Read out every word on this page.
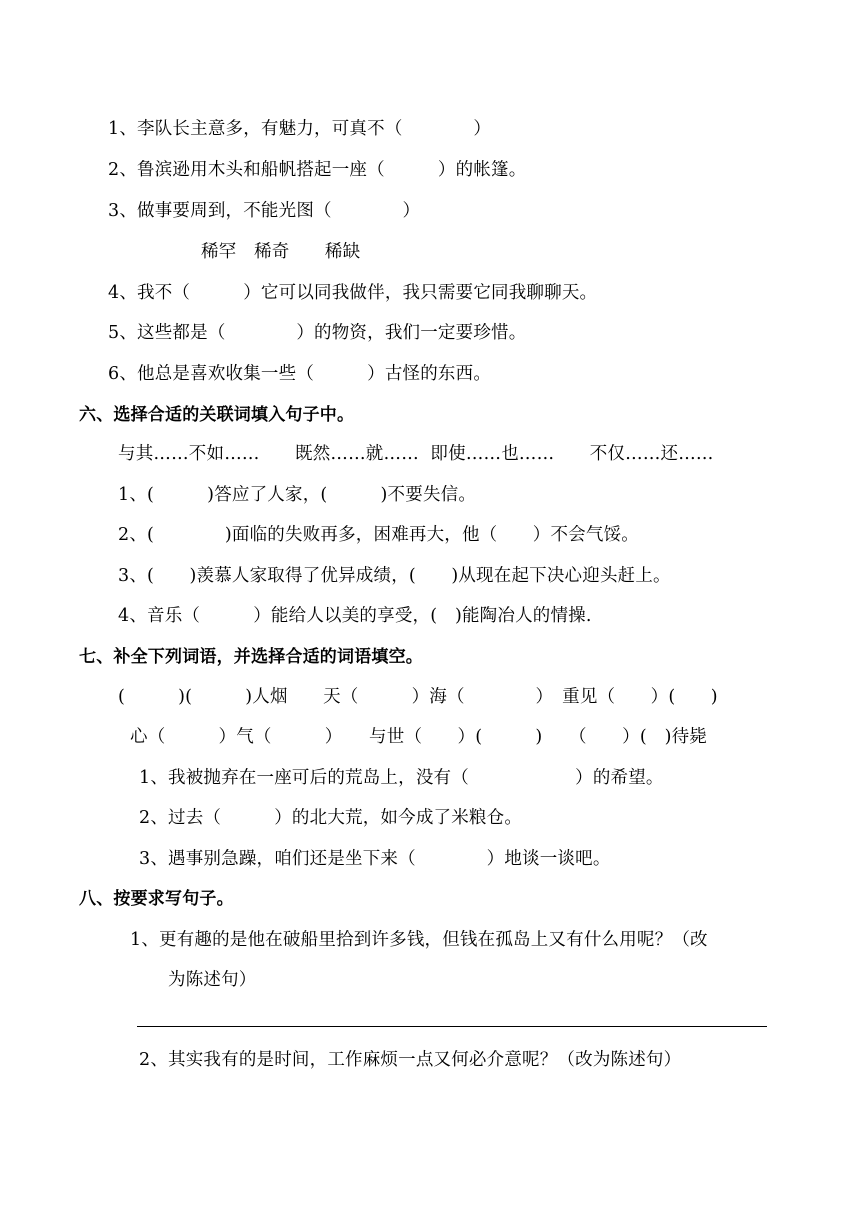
1、李队长主意多，有魅力，可真不（　　　　）
2、鲁滨逊用木头和船帆搭起一座（　　　）的帐篷。
3、做事要周到，不能光图（　　　　）
稀罕　稀奇　　稀缺
4、我不（　　　）它可以同我做伴，我只需要它同我聊聊天。
5、这些都是（　　　　）的物资，我们一定要珍惜。
6、他总是喜欢收集一些（　　　）古怪的东西。
六、选择合适的关联词填入句子中。
与其……不如……　　既然……就……  即使……也……　　不仅……还……
1、(　　　)答应了人家，(　　　)不要失信。
2、(　　　　)面临的失败再多，困难再大，他（　　）不会气馁。
3、(　　)羡慕人家取得了优异成绩，(　　)从现在起下决心迎头赶上。
4、音乐（　　　）能给人以美的享受，(　)能陶冶人的情操.
七、补全下列词语，并选择合适的词语填空。
(　　　)(　　　)人烟　　天（　　　）海（　　　　）　重见（　　）(　　)
心（　　　）气（　　　）　　与世（　　）(　　　)　　（　　）(　)待毙
1、我被抛弃在一座可后的荒岛上，没有（　　　　　　）的希望。
2、过去（　　　）的北大荒，如今成了米粮仓。
3、遇事别急躁，咱们还是坐下来（　　　　）地谈一谈吧。
八、按要求写句子。
1、更有趣的是他在破船里拾到许多钱，但钱在孤岛上又有什么用呢？（改
为陈述句）
2、其实我有的是时间，工作麻烦一点又何必介意呢？（改为陈述句）
